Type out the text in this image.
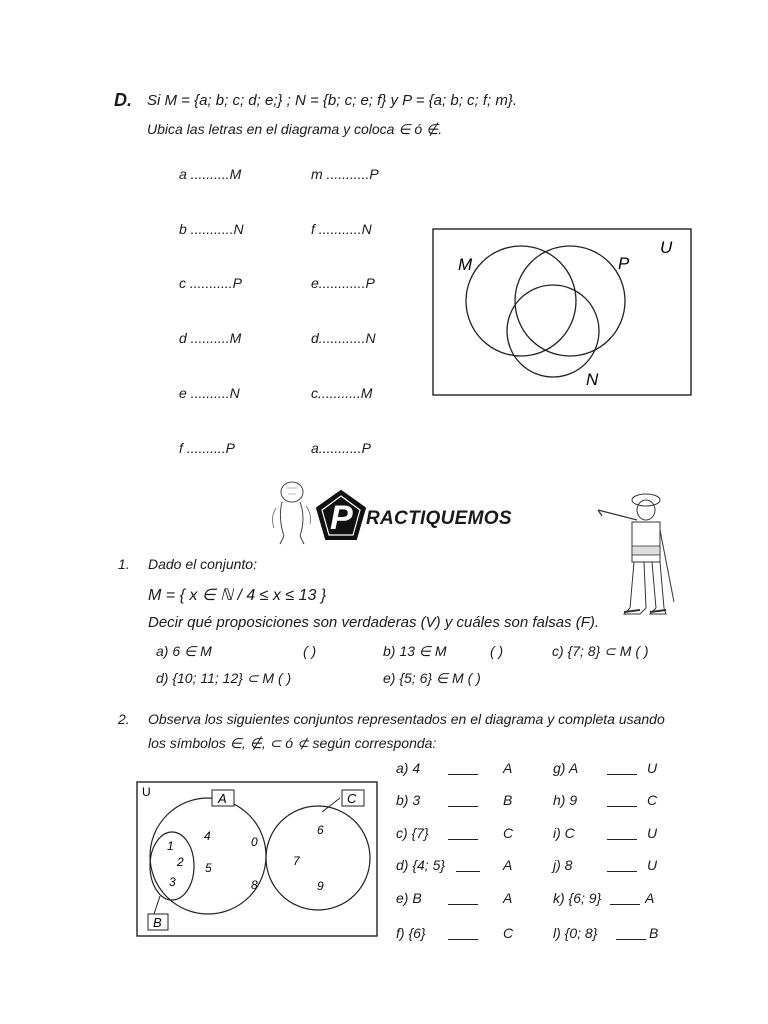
D. Si M = {a; b; c; d; e;} ; N = {b; c; e; f} y P = {a; b; c; f; m}.
Ubica las letras en el diagrama y coloca ∈ ó ∉.
a ..........M
b ...........N
c ...........P
d ..........M
e ..........N
f ..........P
m ...........P
f ...........N
e............P
d............N
c...........M
a...........P
M	P
U
N
P RACTIQUEMOS
1. Dado el conjunto:
M = { x ∈ ℕ / 4 ≤ x ≤ 13 }
Decir qué proposiciones son verdaderas (V) y cuáles son falsas (F).
a) 6 ∈ M	( )	b) 13 ∈ M	( )	c) {7; 8} ⊂ M ( )
d) {10; 11; 12} ⊂ M ( )	e) {5; 6} ∈ M ( )
2. Observa los siguientes conjuntos representados en el diagrama y completa usando
los símbolos ∈, ∉, ⊂ ó ⊄ según corresponda:
U	A	C
B
1
2
3
4
5
0
8
6
7
9
a) 4	A
b) 3	B
c) {7}	C
d) {4; 5}	A
e) B	A
f) {6}	C
g) A	U
h) 9	C
i) C	U
j) 8	U
k) {6; 9}	A
l) {0; 8}	B
